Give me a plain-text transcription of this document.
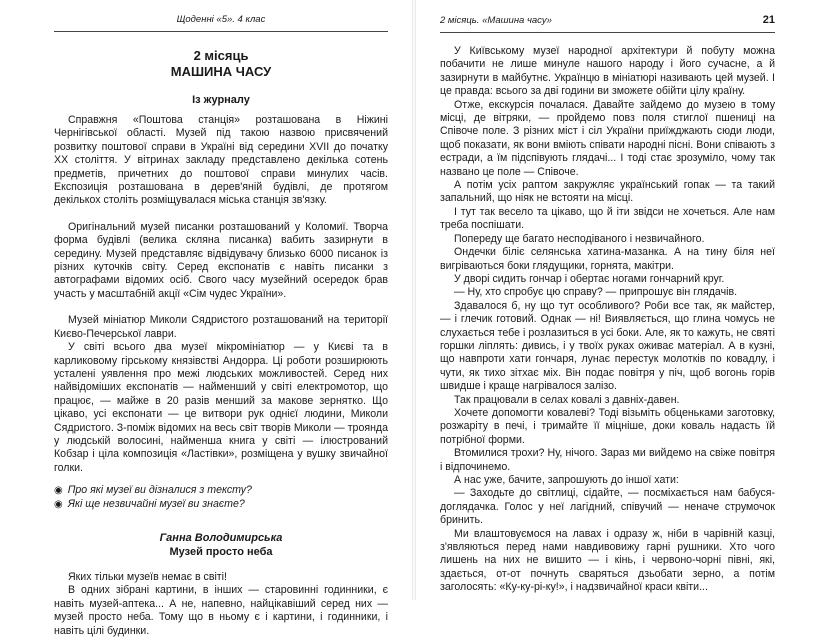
Щоденні «5». 4 клас
2 місяць
МАШИНА ЧАСУ
Із журналу

Справжня «Поштова станція» розташована в Ніжині Чернігівської області. Музей під такою назвою присвячений розвитку поштової справи в Україні від середини XVII до початку XX століття. У вітринах закладу представлено декілька сотень предметів, причетних до поштової справи минулих часів. Експозиція розташована в дерев'яній будівлі, де протягом декількох століть розміщувалася міська станція зв'язку.

Оригінальний музей писанки розташований у Коломиї. Творча форма будівлі (велика скляна писанка) вабить зазирнути в середину. Музей представляє відвідувачу близько 6000 писанок із різних куточків світу. Серед експонатів є навіть писанки з автографами відомих осіб. Свого часу музейний осередок брав участь у масштабній акції «Сім чудес України».

Музей мініатюр Миколи Сядристого розташований на території Києво-Печерської лаври.

У світі всього два музеї мікромініатюр — у Києві та в карликовому гірському князівстві Андорра. Ці роботи розширюють усталені уявлення про межі людських можливостей. Серед них найвідоміших експонатів — найменший у світі електромотор, що працює, — майже в 20 разів менший за макове зернятко. Що цікаво, усі експонати — це витвори рук однієї людини, Миколи Сядристого. З-поміж відомих на весь світ творів Миколи — троянда у людській волосині, найменша книга у світі — ілюстрований Кобзар і ціла композиція «Ластівки», розміщена у вушку звичайної голки.

◉ Про які музеї ви дізналися з тексту?
◉ Які ще незвичайні музеї ви знаєте?
Ганна Володимирська
Музей просто неба

Яких тільки музеїв немає в світі!

В одних зібрані картини, в інших — старовинні годинники, є навіть музей-аптека... А не, напевно, найцікавіший серед них — музей просто неба. Тому що в ньому є і картини, і годинники, і навіть цілі будинки.

2 місяць. «Машина часу»	21

У Київському музеї народної архітектури й побуту можна побачити не лише минуле нашого народу і його сучасне, а й зазирнути в майбутнє. Українцю в мініатюрі називають цей музей. І це правда: всього за дві години ви зможете обійти цілу країну.

Отже, екскурсія почалася. Давайте зайдемо до музею в тому місці, де вітряки, — пройдемо повз поля стиглої пшениці на Співоче поле. З різних міст і сіл України приїжджають сюди люди, щоб показати, як вони вміють співати народні пісні. Вони співають з естради, а їм підспівують глядачі... І тоді стає зрозуміло, чому так названо це поле — Співоче.

А потім усіх раптом закружляє український гопак — та такий запальний, що ніяк не встояти на місці.

І тут так весело та цікаво, що й іти звідси не хочеться. Але нам треба поспішати.

Попереду ще багато несподіваного і незвичайного.

Ондечки біліє селянська хатина-мазанка. А на тину біля неї вигріваються боки глядущики, горнята, макітри.

У дворі сидить гончар і обертає ногами гончарний круг.

— Ну, хто спробує цю справу? — припрошує він глядачів.

Здавалося б, ну що тут особливого? Роби все так, як майстер, — і глечик готовий. Однак — ні! Виявляється, що глина чомусь не слухається тебе і розлазиться в усі боки. Але, як то кажуть, не святі горшки ліплять: дивись, і у твоїх руках оживає матеріал. А в кузні, що навпроти хати гончаря, лунає перестук молотків по ковадлу, і чути, як тихо зітхає міх. Він подає повітря у піч, щоб вогонь горів швидше і краще нагрівалося залізо.

Так працювали в селах ковалі з давніх-давен.

Хочете допомогти ковалеві? Тоді візьміть обценьками заготовку, розжаріту в печі, і тримайте її міцніше, доки коваль надасть їй потрібної форми.

Втомилися трохи? Ну, нічого. Зараз ми вийдемо на свіже повітря і відпочинемо.

А нас уже, бачите, запрошують до іншої хати:

— Заходьте до світлиці, сідайте, — посміхається нам бабуся-доглядачка. Голос у неї лагідний, співучий — неначе струмочок бринить.

Ми влаштовуємося на лавах і одразу ж, ніби в чарівній казці, з'являються перед нами навдивовижу гарні рушники. Хто чого лишень на них не вишито — і кінь, і червоно-чорні півні, які, здається, от-от почнуть сваряться дзьобати зерно, а потім заголосять: «Ку-ку-рі-ку!», і надзвичайної краси квіти...
